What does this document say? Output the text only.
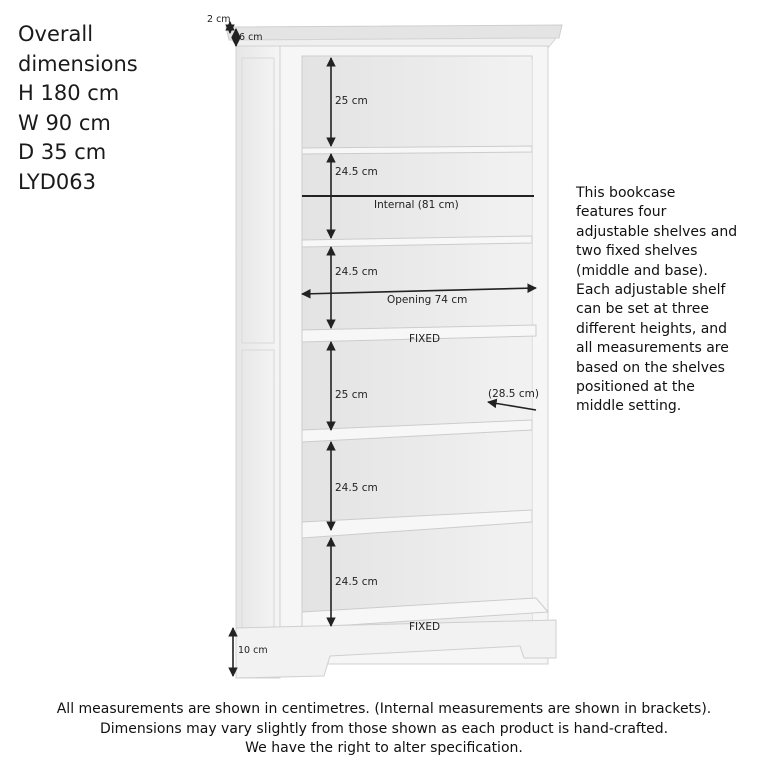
Overall
dimensions
H 180 cm
W 90 cm
D 35 cm
LYD063
2 cm
6 cm
25 cm
24.5 cm
Internal (81 cm)
24.5 cm
Opening 74 cm
FIXED
25 cm	(28.5 cm)
24.5 cm
24.5 cm
FIXED
10 cm
This bookcase
features four
adjustable shelves and
two fixed shelves
(middle and base).
Each adjustable shelf
can be set at three
different heights, and
all measurements are
based on the shelves
positioned at the
middle setting.
All measurements are shown in centimetres. (Internal measurements are shown in brackets).
Dimensions may vary slightly from those shown as each product is hand-crafted.
We have the right to alter specification.
